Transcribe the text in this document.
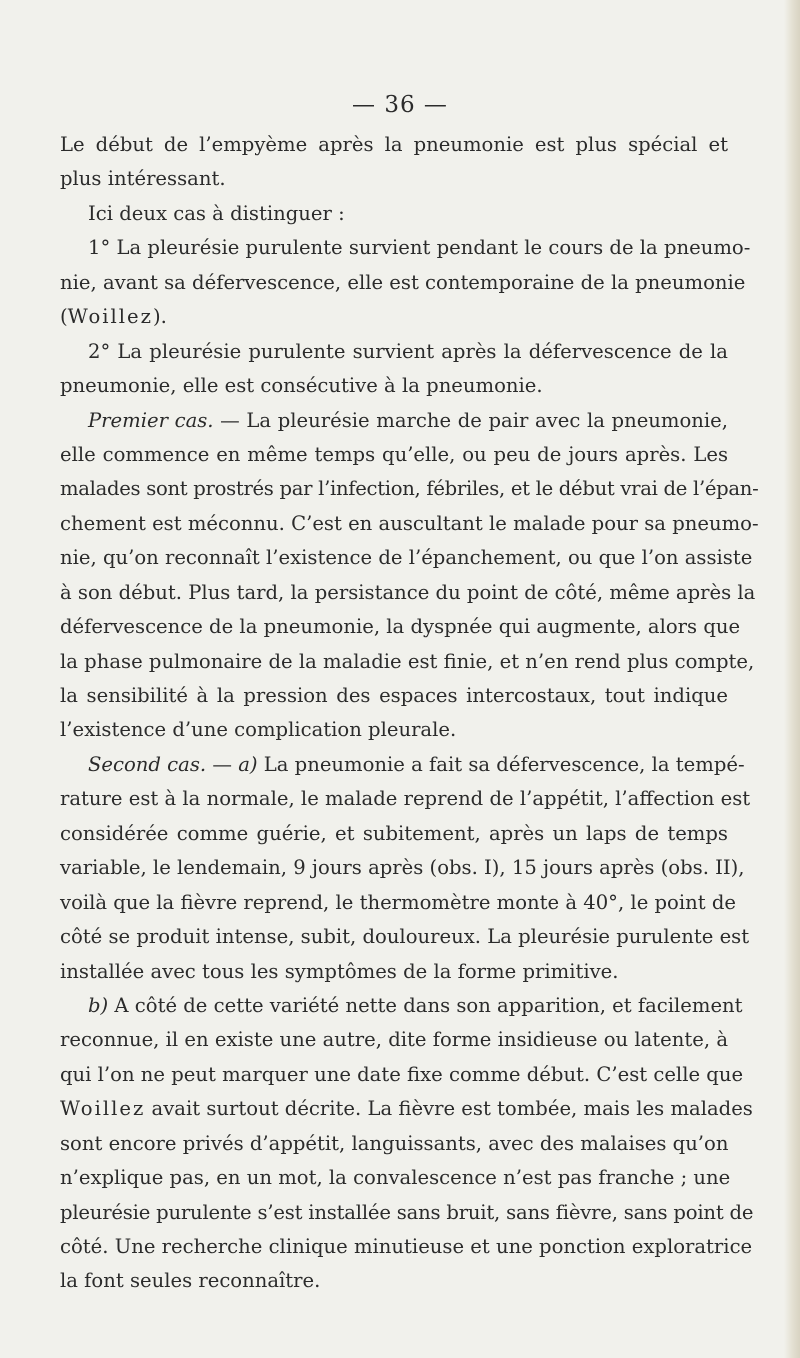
— 36 —
Le début de l’empyème après la pneumonie est plus spécial et
plus intéressant.
Ici deux cas à distinguer :
1° La pleurésie purulente survient pendant le cours de la pneumo-
nie, avant sa défervescence, elle est contemporaine de la pneumonie
(Woillez).
2° La pleurésie purulente survient après la défervescence de la
pneumonie, elle est consécutive à la pneumonie.
Premier cas. — La pleurésie marche de pair avec la pneumonie,
elle commence en même temps qu’elle, ou peu de jours après. Les
malades sont prostrés par l’infection, fébriles, et le début vrai de l’épan-
chement est méconnu. C’est en auscultant le malade pour sa pneumo-
nie, qu’on reconnaît l’existence de l’épanchement, ou que l’on assiste
à son début. Plus tard, la persistance du point de côté, même après la
défervescence de la pneumonie, la dyspnée qui augmente, alors que
la phase pulmonaire de la maladie est finie, et n’en rend plus compte,
la sensibilité à la pression des espaces intercostaux, tout indique
l’existence d’une complication pleurale.
Second cas. — a) La pneumonie a fait sa défervescence, la tempé-
rature est à la normale, le malade reprend de l’appétit, l’affection est
considérée comme guérie, et subitement, après un laps de temps
variable, le lendemain, 9 jours après (obs. I), 15 jours après (obs. II),
voilà que la fièvre reprend, le thermomètre monte à 40°, le point de
côté se produit intense, subit, douloureux. La pleurésie purulente est
installée avec tous les symptômes de la forme primitive.
b) A côté de cette variété nette dans son apparition, et facilement
reconnue, il en existe une autre, dite forme insidieuse ou latente, à
qui l’on ne peut marquer une date fixe comme début. C’est celle que
Woillez avait surtout décrite. La fièvre est tombée, mais les malades
sont encore privés d’appétit, languissants, avec des malaises qu’on
n’explique pas, en un mot, la convalescence n’est pas franche ; une
pleurésie purulente s’est installée sans bruit, sans fièvre, sans point de
côté. Une recherche clinique minutieuse et une ponction exploratrice
la font seules reconnaître.
